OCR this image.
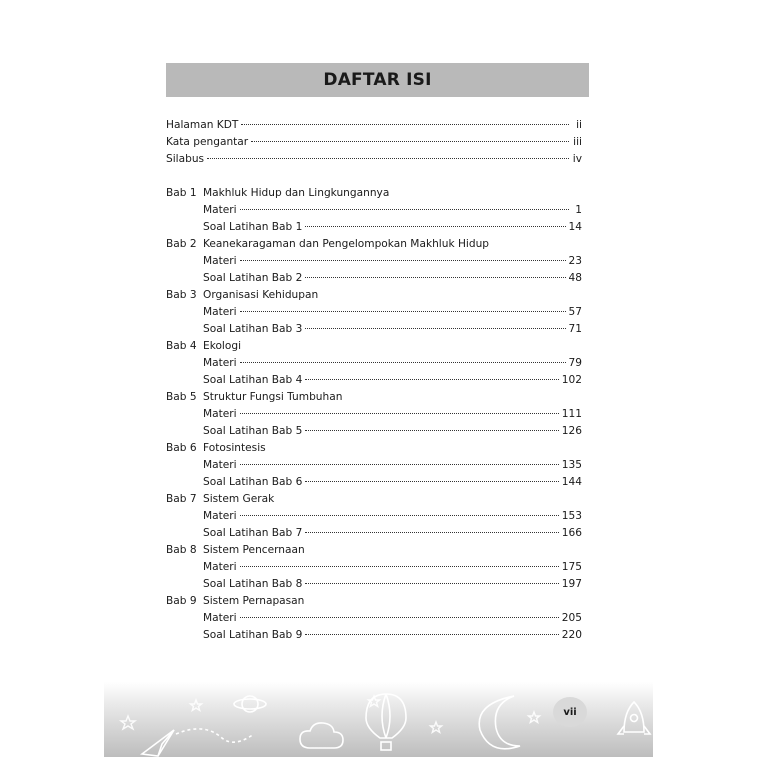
DAFTAR ISI
Halaman KDT	ii
Kata pengantar	iii
Silabus	iv
Bab 1 Makhluk Hidup dan Lingkungannya
Materi	1
Soal Latihan Bab 1	14
Bab 2 Keanekaragaman dan Pengelompokan Makhluk Hidup
Materi	23
Soal Latihan Bab 2	48
Bab 3 Organisasi Kehidupan
Materi	57
Soal Latihan Bab 3	71
Bab 4 Ekologi
Materi	79
Soal Latihan Bab 4	102
Bab 5 Struktur Fungsi Tumbuhan
Materi	111
Soal Latihan Bab 5	126
Bab 6 Fotosintesis
Materi	135
Soal Latihan Bab 6	144
Bab 7 Sistem Gerak
Materi	153
Soal Latihan Bab 7	166
Bab 8 Sistem Pencernaan
Materi	175
Soal Latihan Bab 8	197
Bab 9 Sistem Pernapasan
Materi	205
Soal Latihan Bab 9	220
vii
